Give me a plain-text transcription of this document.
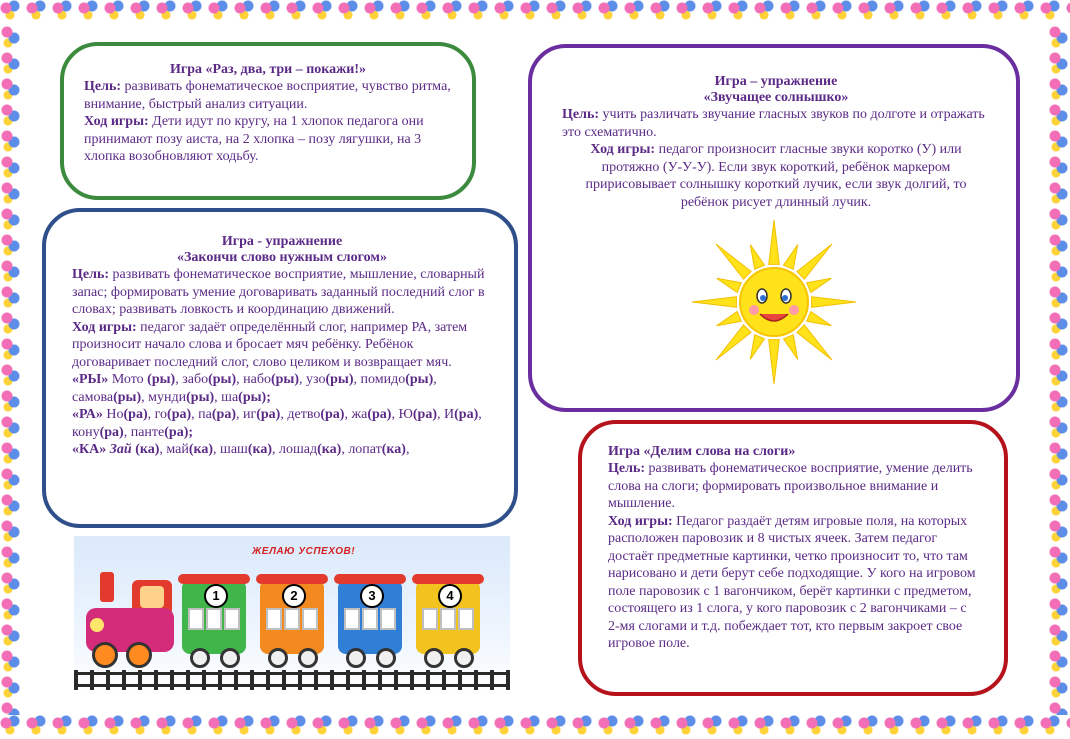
Игра «Раз, два, три – покажи!»

Цель: развивать фонематическое восприятие, чувство ритма, внимание, быстрый анализ ситуации.

Ход игры: Дети идут по кругу, на 1 хлопок педагога они принимают позу аиста, на 2 хлопка – позу лягушки, на 3 хлопка возобновляют ходьбу.

Игра - упражнение
«Закончи слово нужным слогом»

Цель: развивать фонематическое восприятие, мышление, словарный запас; формировать умение договаривать заданный последний слог в словах; развивать ловкость и координацию движений.

Ход игры: педагог задаёт определённый слог, например РА, затем произносит начало слова и бросает мяч ребёнку. Ребёнок договаривает последний слог, слово целиком и возвращает мяч.

«РЫ» Мото (ры), забо(ры), набо(ры), узо(ры), помидо(ры), самова(ры), мунди(ры), ша(ры);

«РА» Но(ра), го(ра), па(ра), иг(ра), детво(ра), жа(ра), Ю(ра), И(ра), кону(ра), панте(ра);

«КА» Зай (ка), май(ка), шаш(ка), лошад(ка), лопат(ка),

Игра – упражнение
«Звучащее солнышко»

Цель: учить различать звучание гласных звуков по долготе и отражать это схематично.

Ход игры: педагог произносит гласные звуки коротко (У) или протяжно (У-У-У). Если звук короткий, ребёнок маркером пририсовывает солнышку короткий лучик, если звук долгий, то ребёнок рисует длинный лучик.

Игра «Делим слова на слоги»

Цель: развивать фонематическое восприятие, умение делить слова на слоги; формировать произвольное внимание и мышление.

Ход игры: Педагог раздаёт детям игровые поля, на которых расположен паровозик и 8 чистых ячеек. Затем педагог достаёт предметные картинки, четко произносит то, что там нарисовано и дети берут себе подходящие. У кого на игровом поле паровозик с 1 вагончиком, берёт картинки с предметом, состоящего из 1 слога, у кого паровозик с 2 вагончиками – с 2-мя слогами и т.д. побеждает тот, кто первым закроет свое игровое поле.

ЖЕЛАЮ УСПЕХОВ!
1	2	3	4
